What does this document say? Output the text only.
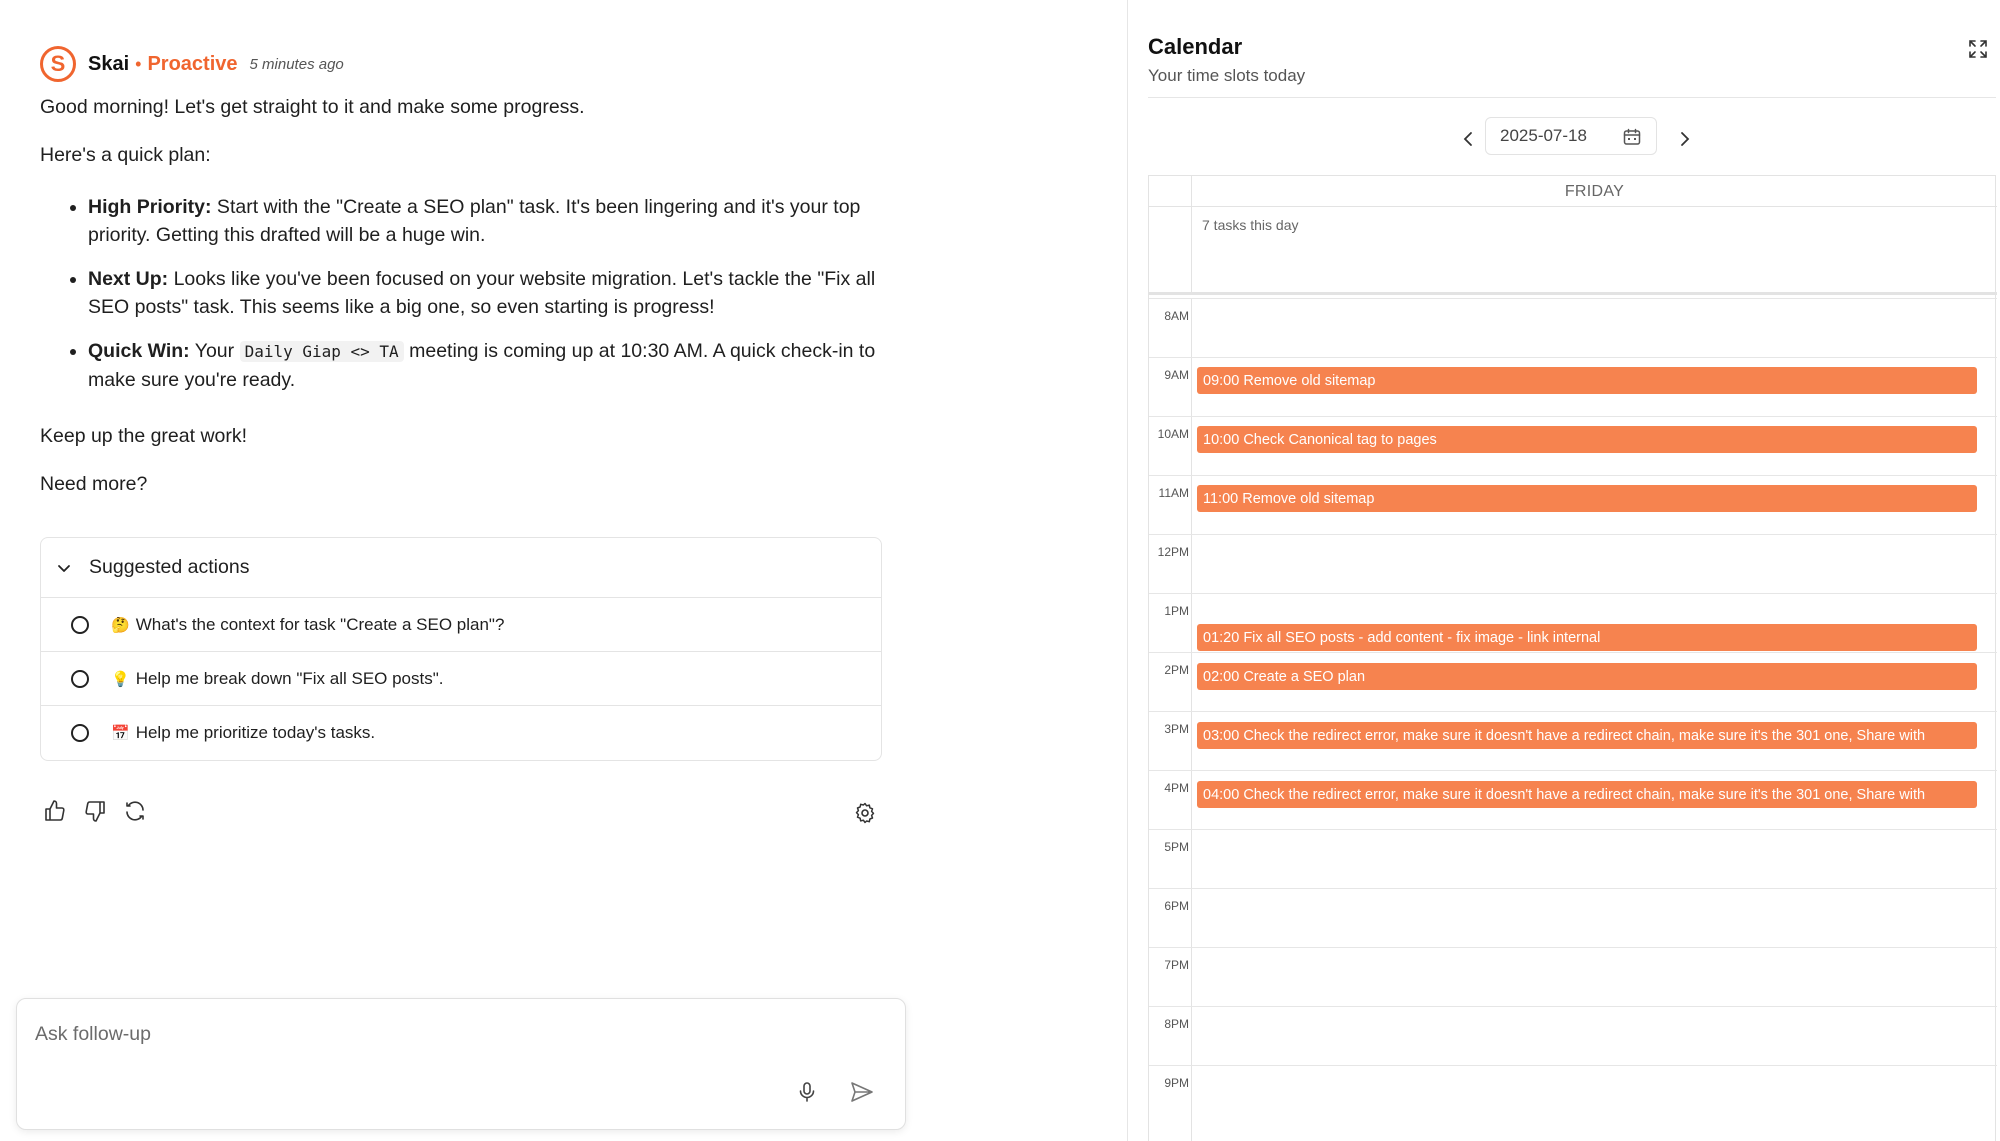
S	Skai • Proactive 5 minutes ago

Good morning! Let's get straight to it and make some progress.

Here's a quick plan:

High Priority: Start with the "Create a SEO plan" task. It's been lingering and it's your top priority. Getting this drafted will be a huge win.
Next Up: Looks like you've been focused on your website migration. Let's tackle the "Fix all SEO posts" task. This seems like a big one, so even starting is progress!
Quick Win: Your Daily Giap <> TA meeting is coming up at 10:30 AM. A quick check-in to make sure you're ready.

Keep up the great work!

Need more?

Suggested actions
🤔 What's the context for task "Create a SEO plan"?
💡 Help me break down "Fix all SEO posts".
📅 Help me prioritize today's tasks.
Ask follow-up
Calendar
Your time slots today
2025-07-18
FRIDAY
7 tasks this day
8AM
9AM
10AM
11AM
12PM
1PM
2PM
3PM
4PM
5PM
6PM
7PM
8PM
9PM
09:00 Remove old sitemap
10:00 Check Canonical tag to pages
11:00 Remove old sitemap
01:20 Fix all SEO posts - add content - fix image - link internal
02:00 Create a SEO plan
03:00 Check the redirect error, make sure it doesn't have a redirect chain, make sure it's the 301 one, Share with
04:00 Check the redirect error, make sure it doesn't have a redirect chain, make sure it's the 301 one, Share with
